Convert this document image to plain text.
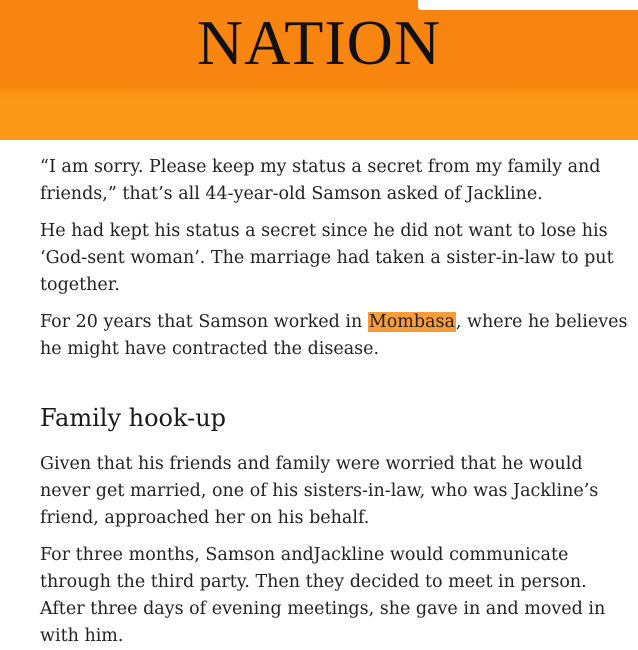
NATION

“I am sorry. Please keep my status a secret from my family and friends,” that’s all 44-year-old Samson asked of Jackline.

He had kept his status a secret since he did not want to lose his ‘God-sent woman’. The marriage had taken a sister-in-law to put together.

For 20 years that Samson worked in Mombasa, where he believes he might have contracted the disease.

Family hook-up

Given that his friends and family were worried that he would never get married, one of his sisters-in-law, who was Jackline’s friend, approached her on his behalf.

For three months, Samson andJackline would communicate through the third party. Then they decided to meet in person. After three days of evening meetings, she gave in and moved in with him.
